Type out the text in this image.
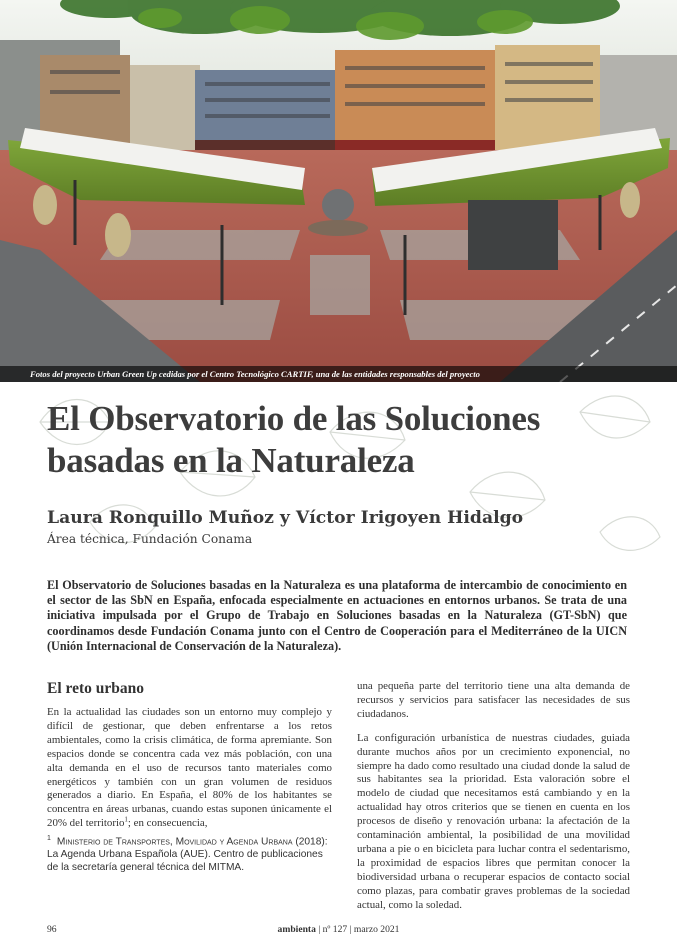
Fotos del proyecto Urban Green Up cedidas por el Centro Tecnológico CARTIF, una de las entidades responsables del proyecto
El Observatorio de las Soluciones basadas en la Naturaleza
Laura Ronquillo Muñoz y Víctor Irigoyen Hidalgo
Área técnica, Fundación Conama

El Observatorio de Soluciones basadas en la Naturaleza es una plataforma de intercambio de conocimiento en el sector de las SbN en España, enfocada especialmente en actuaciones en entornos urbanos. Se trata de una iniciativa impulsada por el Grupo de Trabajo en Soluciones basadas en la Naturaleza (GT-SbN) que coordinamos desde Fundación Conama junto con el Centro de Cooperación para el Mediterráneo de la UICN (Unión Internacional de Conservación de la Naturaleza).

El reto urbano

En la actualidad las ciudades son un entorno muy complejo y difícil de gestionar, que deben enfrentarse a los retos ambientales, como la crisis climática, de forma apremiante. Son espacios donde se concentra cada vez más población, con una alta demanda en el uso de recursos tanto materiales como energéticos y también con un gran volumen de residuos generados a diario. En España, el 80% de los habitantes se concentra en áreas urbanas, cuando estas suponen únicamente el 20% del territorio$^1$; en consecuencia,

$^1$ Ministerio de Transportes, Movilidad y Agenda Urbana (2018): La Agenda Urbana Española (AUE). Centro de publicaciones de la secretaría general técnica del MITMA.

una pequeña parte del territorio tiene una alta demanda de recursos y servicios para satisfacer las necesidades de sus ciudadanos.

La configuración urbanística de nuestras ciudades, guiada durante muchos años por un crecimiento exponencial, no siempre ha dado como resultado una ciudad donde la salud de sus habitantes sea la prioridad. Esta valoración sobre el modelo de ciudad que necesitamos está cambiando y en la actualidad hay otros criterios que se tienen en cuenta en los procesos de diseño y renovación urbana: la afectación de la contaminación ambiental, la posibilidad de una movilidad urbana a pie o en bicicleta para luchar contra el sedentarismo, la proximidad de espacios libres que permitan conocer la biodiversidad urbana o recuperar espacios de contacto social como plazas, para combatir graves problemas de la sociedad actual, como la soledad.

96	ambienta | nº 127 | marzo 2021
